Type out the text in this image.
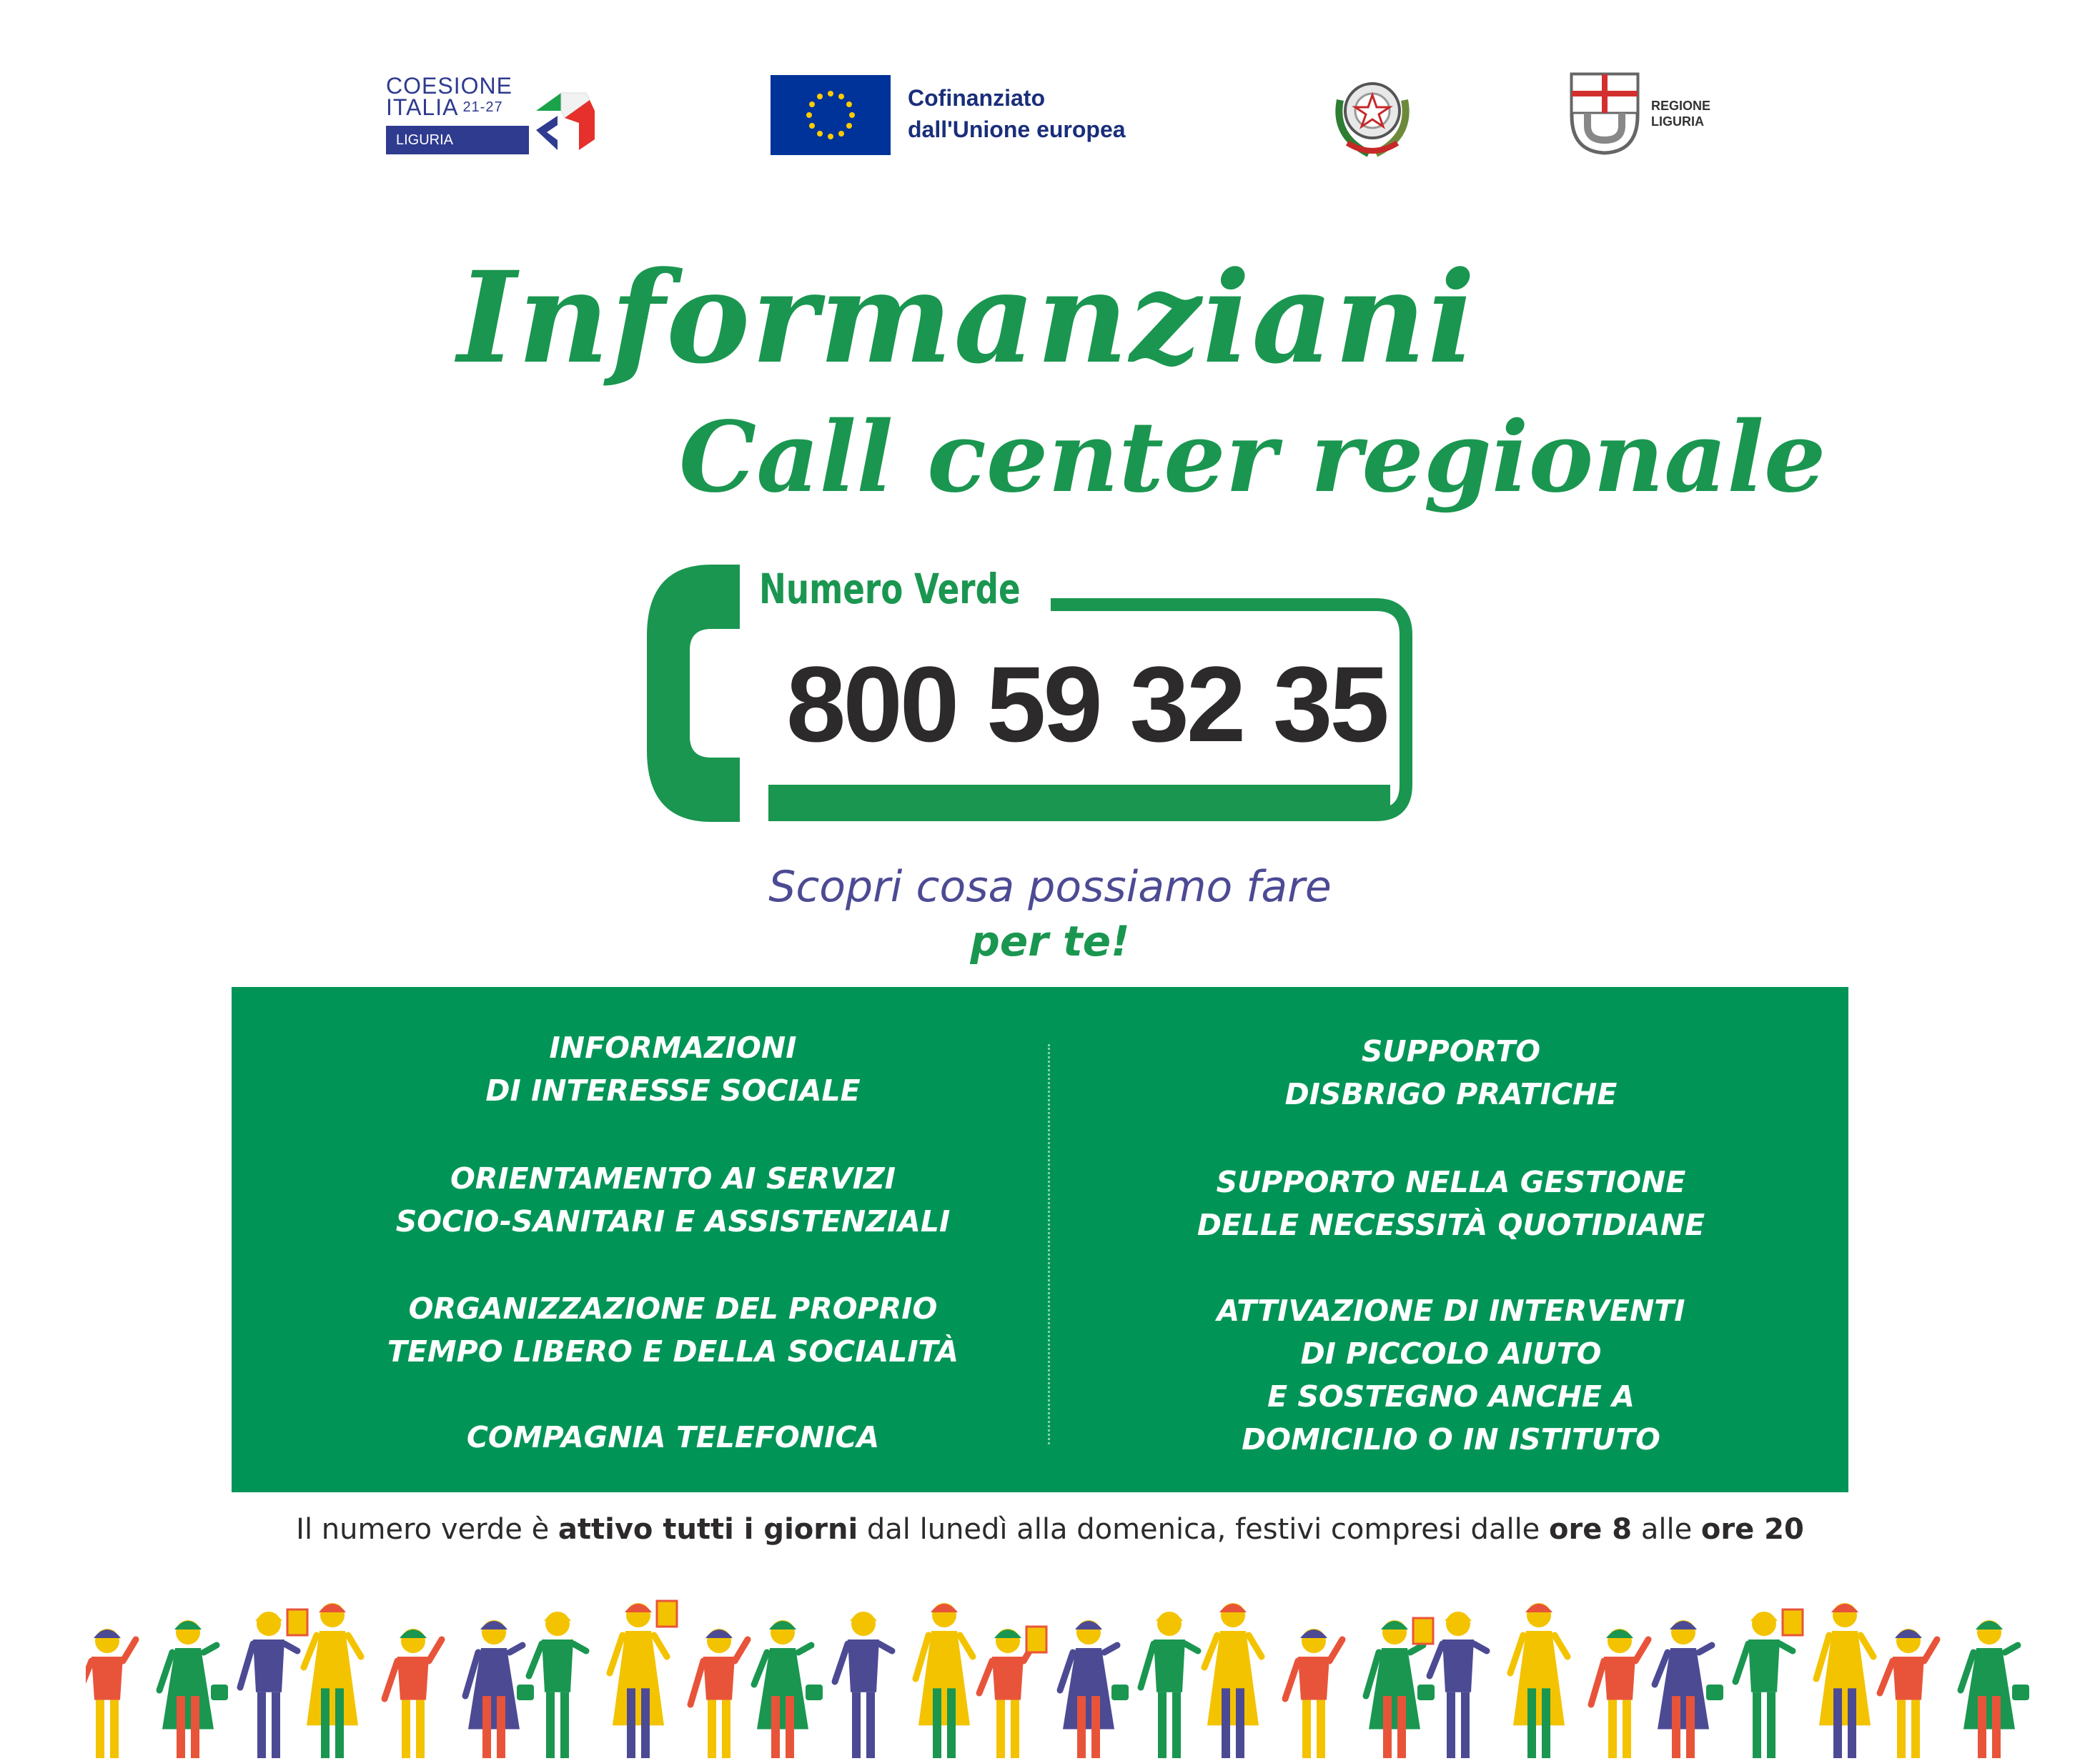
COESIONE
ITALIA $^{21-27}$
LIGURIA
Cofinanziato
dall'Unione europea
REGIONE
LIGURIA
Informanziani
Call center regionale
Numero Verde
800 59 32 35
Scopri cosa possiamo fare
per te!
INFORMAZIONI
DI INTERESSE SOCIALE
ORIENTAMENTO AI SERVIZI
SOCIO-SANITARI E ASSISTENZIALI
ORGANIZZAZIONE DEL PROPRIO
TEMPO LIBERO E DELLA SOCIALITÀ
COMPAGNIA TELEFONICA
SUPPORTO
DISBRIGO PRATICHE
SUPPORTO NELLA GESTIONE
DELLE NECESSITÀ QUOTIDIANE
ATTIVAZIONE DI INTERVENTI
DI PICCOLO AIUTO
E SOSTEGNO ANCHE A
DOMICILIO O IN ISTITUTO
Il numero verde è attivo tutti i giorni dal lunedì alla domenica, festivi compresi dalle ore 8 alle ore 20
